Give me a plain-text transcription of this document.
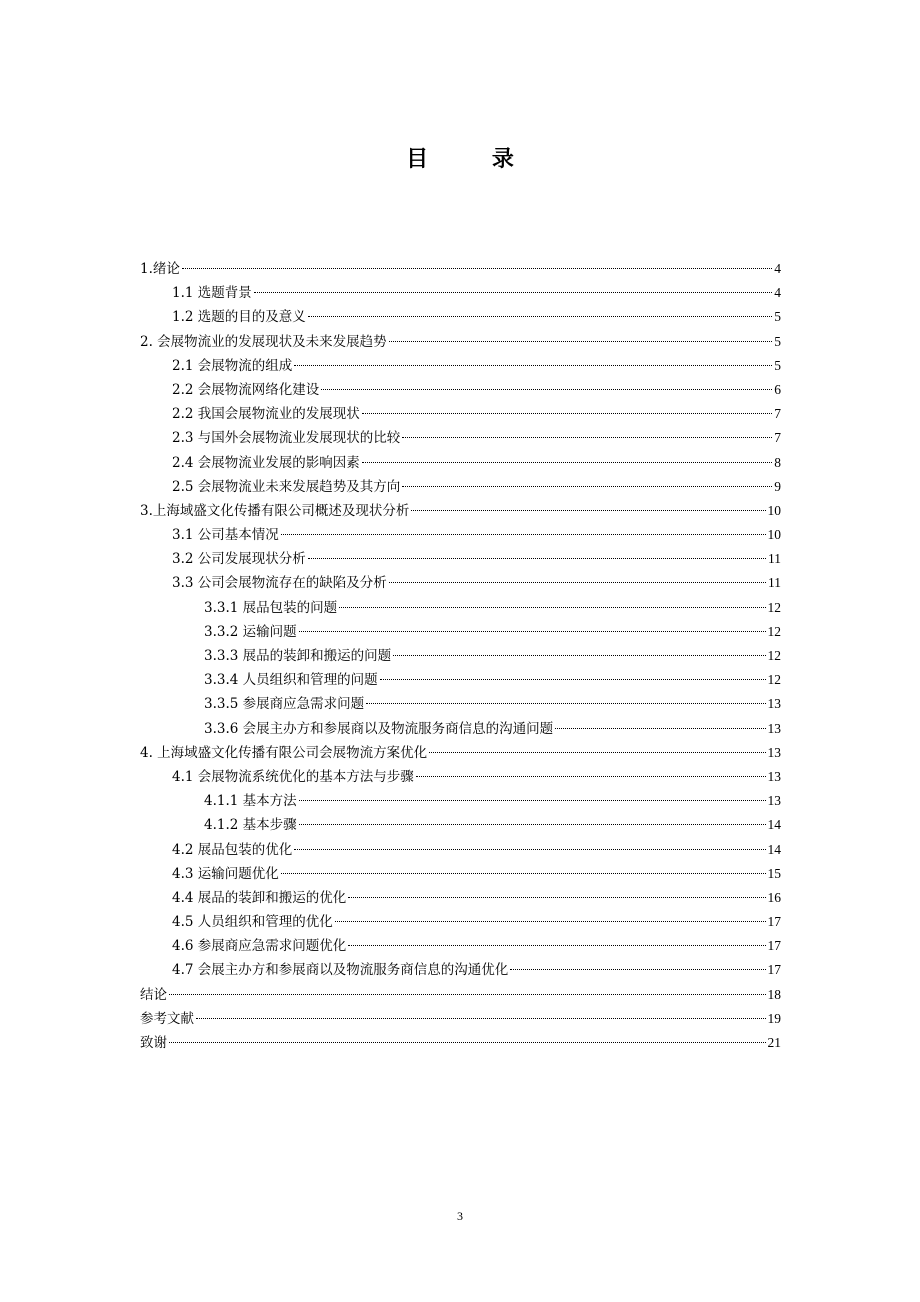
目 录
1.绪论	4
1.1 选题背景	4
1.2 选题的目的及意义	5
2. 会展物流业的发展现状及未来发展趋势	5
2.1 会展物流的组成	5
2.2 会展物流网络化建设	6
2.2 我国会展物流业的发展现状	7
2.3 与国外会展物流业发展现状的比较	7
2.4 会展物流业发展的影响因素	8
2.5 会展物流业未来发展趋势及其方向	9
3.上海域盛文化传播有限公司概述及现状分析	10
3.1 公司基本情况	10
3.2 公司发展现状分析	11
3.3 公司会展物流存在的缺陷及分析	11
3.3.1 展品包装的问题	12
3.3.2 运输问题	12
3.3.3 展品的装卸和搬运的问题	12
3.3.4 人员组织和管理的问题	12
3.3.5 参展商应急需求问题	13
3.3.6 会展主办方和参展商以及物流服务商信息的沟通问题	13
4. 上海域盛文化传播有限公司会展物流方案优化	13
4.1 会展物流系统优化的基本方法与步骤	13
4.1.1 基本方法	13
4.1.2 基本步骤	14
4.2 展品包装的优化	14
4.3 运输问题优化	15
4.4 展品的装卸和搬运的优化	16
4.5 人员组织和管理的优化	17
4.6 参展商应急需求问题优化	17
4.7 会展主办方和参展商以及物流服务商信息的沟通优化	17
结论	18
参考文献	19
致谢	21
3
